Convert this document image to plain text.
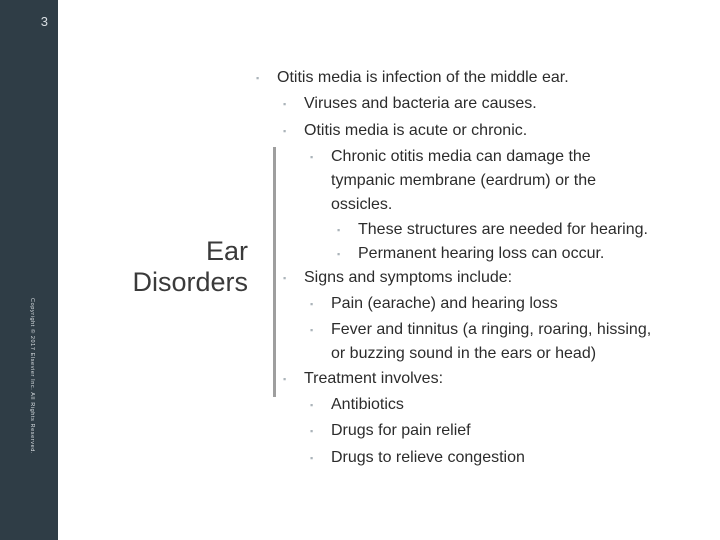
3
Copyright © 2017 Elsevier Inc. All Rights Reserved.
Ear
Disorders
▪ Otitis media is infection of the middle ear.
▪ Viruses and bacteria are causes.
▪ Otitis media is acute or chronic.
▪ Chronic otitis media can damage the
tympanic membrane (eardrum) or the
ossicles.
▪ These structures are needed for hearing.
▪ Permanent hearing loss can occur.
▪ Signs and symptoms include:
▪ Pain (earache) and hearing loss
▪ Fever and tinnitus (a ringing, roaring, hissing,
or buzzing sound in the ears or head)
▪ Treatment involves:
▪ Antibiotics
▪ Drugs for pain relief
▪ Drugs to relieve congestion
